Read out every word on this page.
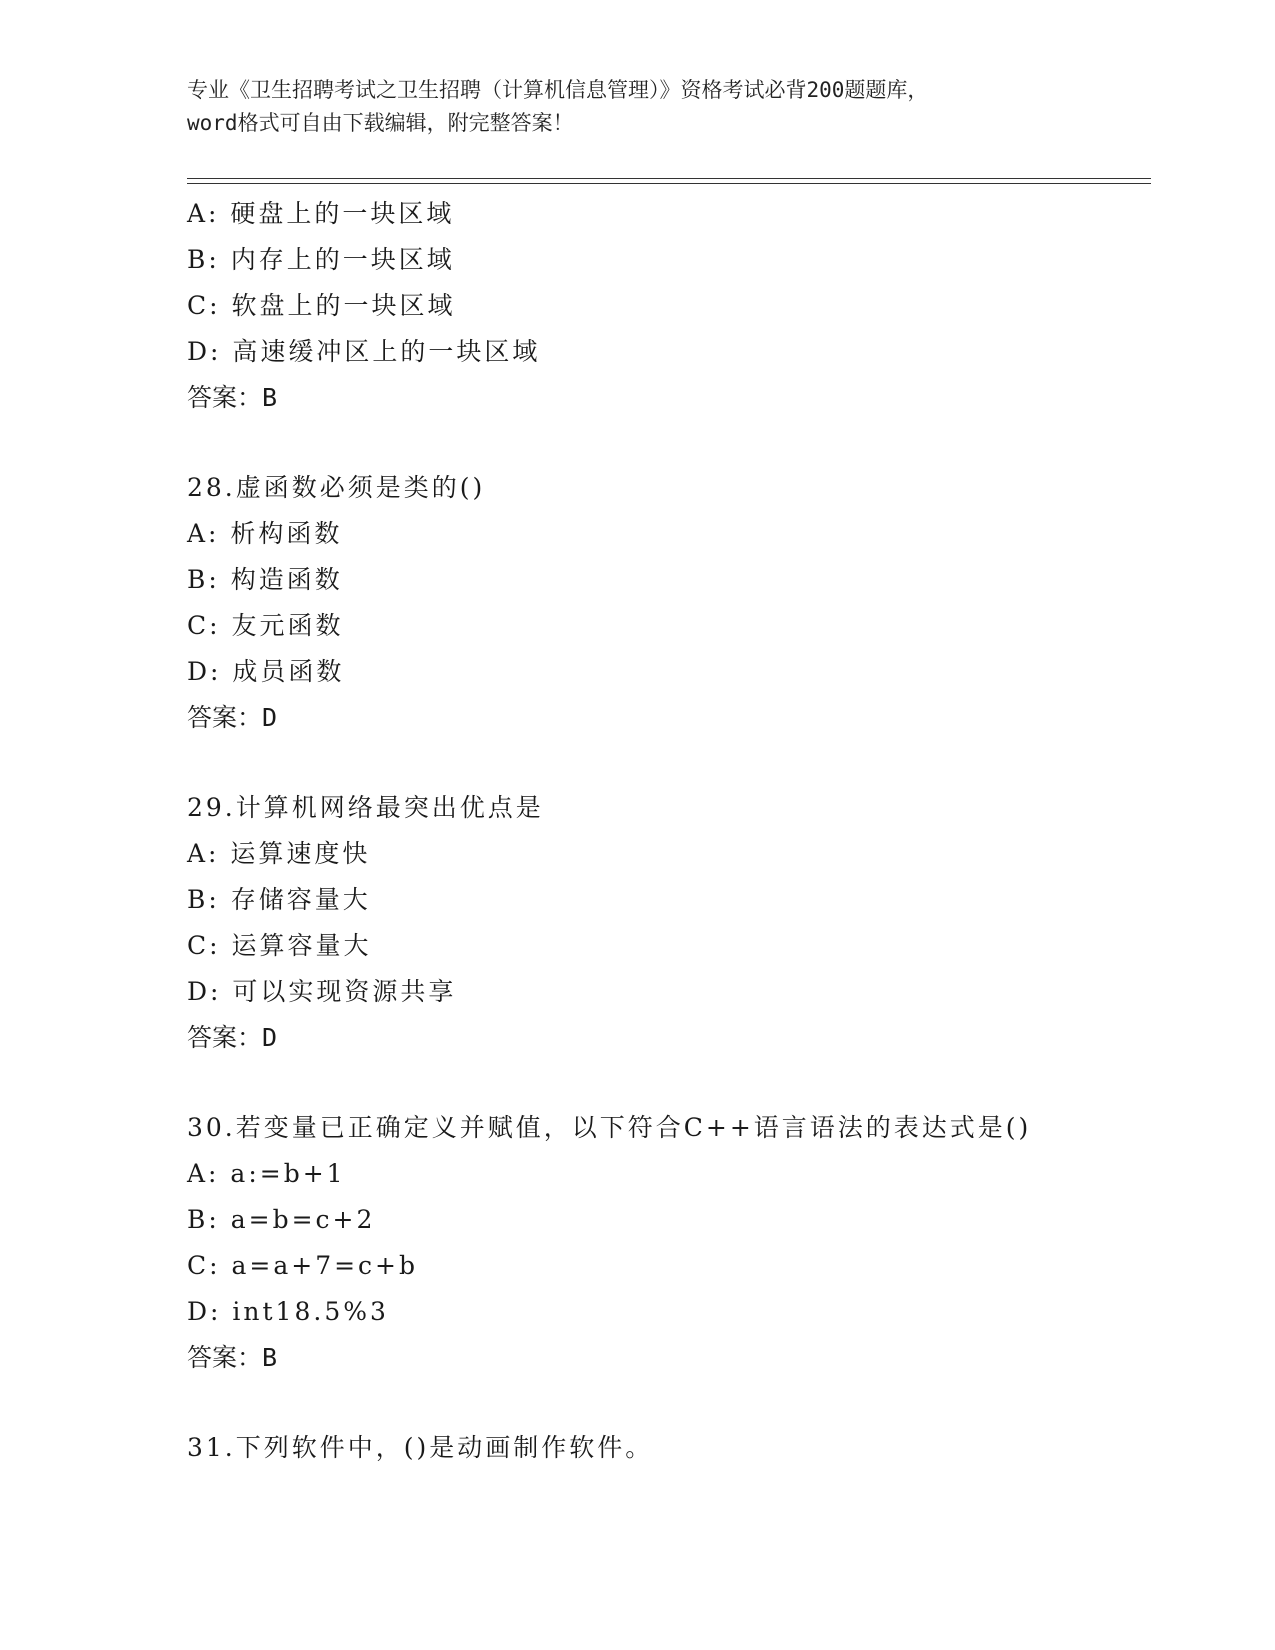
专业《卫生招聘考试之卫生招聘（计算机信息管理）》资格考试必背200题题库，
word格式可自由下载编辑，附完整答案！
A: 硬盘上的一块区域
B: 内存上的一块区域
C: 软盘上的一块区域
D: 高速缓冲区上的一块区域
答案：B
28.虚函数必须是类的()
A: 析构函数
B: 构造函数
C: 友元函数
D: 成员函数
答案：D
29.计算机网络最突出优点是
A: 运算速度快
B: 存储容量大
C: 运算容量大
D: 可以实现资源共享
答案：D
30.若变量已正确定义并赋值，以下符合C++语言语法的表达式是()
A: a:=b+1
B: a=b=c+2
C: a=a+7=c+b
D: int18.5%3
答案：B
31.下列软件中，()是动画制作软件。
